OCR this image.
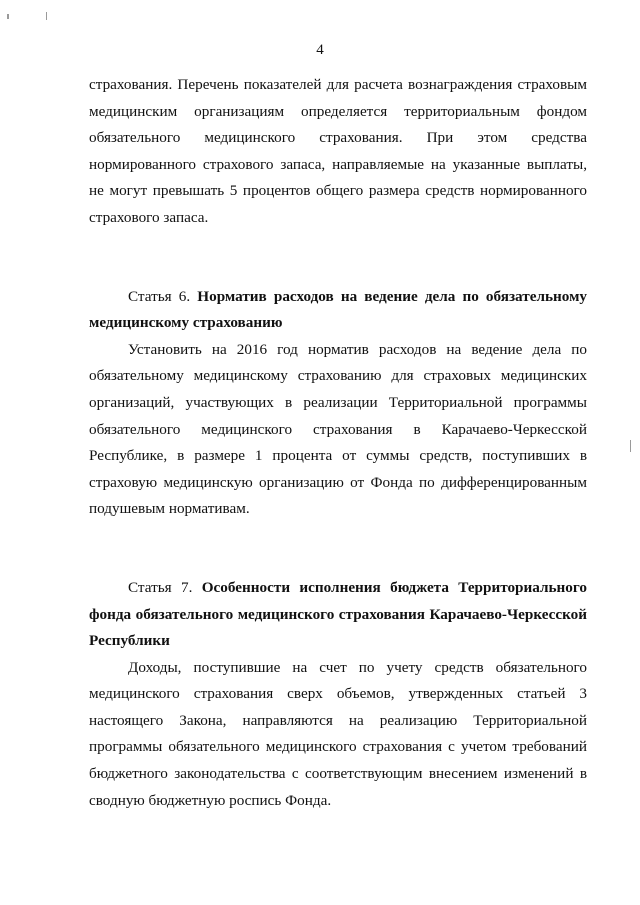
4

страхования. Перечень показателей для расчета вознаграждения страховым медицинским организациям определяется территориальным фондом обязательного медицинского страхования. При этом средства нормированного страхового запаса, направляемые на указанные выплаты, не могут превышать 5 процентов общего размера средств нормированного страхового запаса.

Статья 6. Норматив расходов на ведение дела по обязательному медицинскому страхованию

Установить на 2016 год норматив расходов на ведение дела по обязательному медицинскому страхованию для страховых медицинских организаций, участвующих в реализации Территориальной программы обязательного медицинского страхования в Карачаево-Черкесской Республике, в размере 1 процента от суммы средств, поступивших в страховую медицинскую организацию от Фонда по дифференцированным подушевым нормативам.

Статья 7. Особенности исполнения бюджета Территориального фонда обязательного медицинского страхования Карачаево-Черкесской Республики

Доходы, поступившие на счет по учету средств обязательного медицинского страхования сверх объемов, утвержденных статьей 3 настоящего Закона, направляются на реализацию Территориальной программы обязательного медицинского страхования с учетом требований бюджетного законодательства с соответствующим внесением изменений в сводную бюджетную роспись Фонда.
